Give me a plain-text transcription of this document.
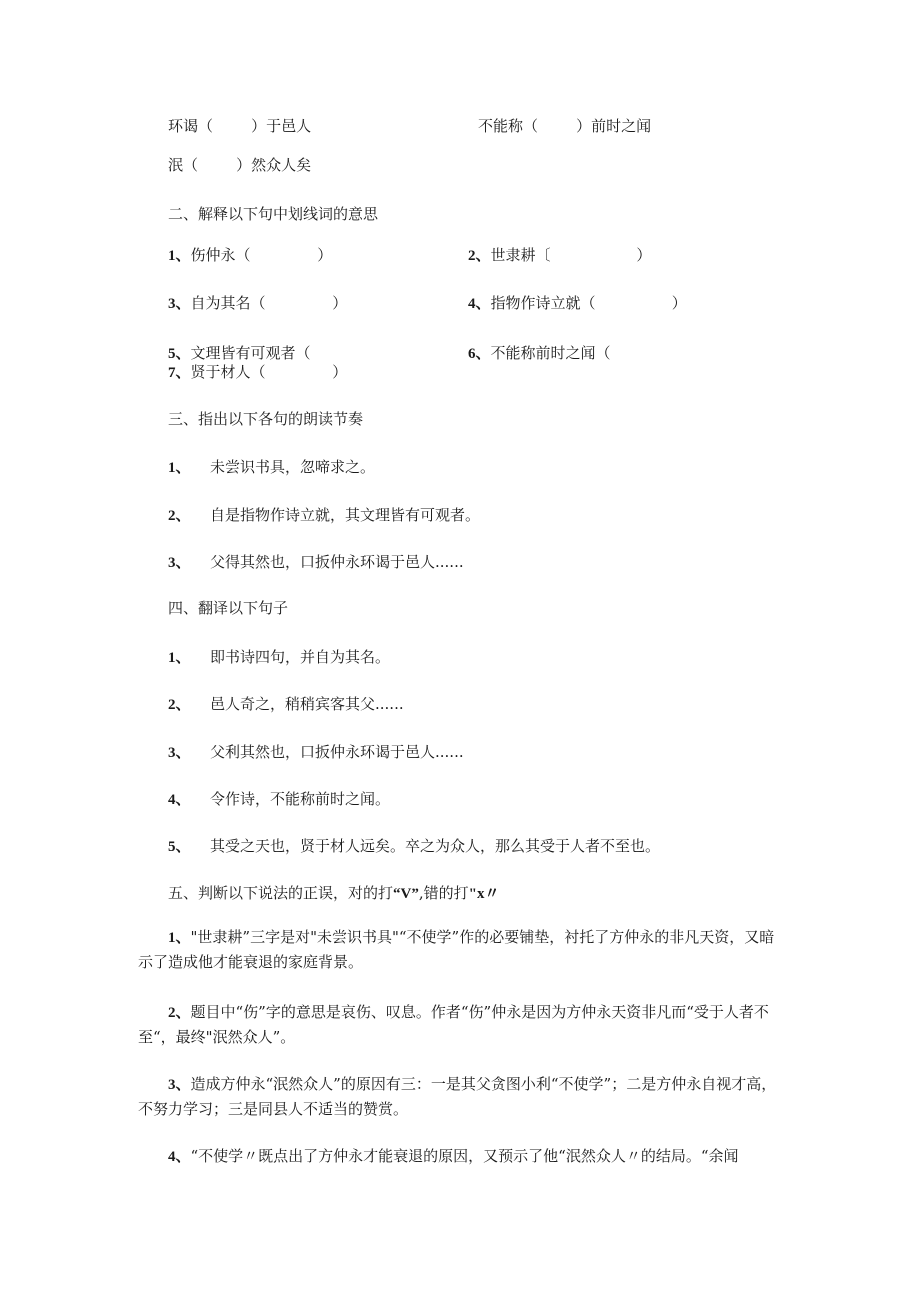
环谒（        ）于邑人	不能称（        ）前时之闻
泯（        ）然众人矣
二、解释以下句中划线词的意思
1、伤仲永（              ）	2、世隶耕〔                  ）
3、自为其名（              ）	4、指物作诗立就（                ）
5、文理皆有可观者（	6、不能称前时之闻（
7、贤于材人（              ）
三、指出以下各句的朗读节奏
1、 未尝识书具，忽啼求之。
2、 自是指物作诗立就，其文理皆有可观者。
3、 父得其然也，口扳仲永环谒于邑人......
四、翻译以下句子
1、 即书诗四句，并自为其名。
2、 邑人奇之，稍稍宾客其父......
3、 父利其然也，口扳仲永环谒于邑人......
4、 令作诗，不能称前时之闻。
5、 其受之天也，贤于材人远矣。卒之为众人，那么其受于人者不至也。
五、判断以下说法的正误，对的打“V”,错的打"x〃
1、"世隶耕”三字是对"未尝识书具"“不使学”作的必要铺垫，衬托了方仲永的非凡天资，又暗示了造成他才能衰退的家庭背景。
2、题目中“伤”字的意思是哀伤、叹息。作者“伤”仲永是因为方仲永天资非凡而“受于人者不至“，最终"泯然众人”。
3、造成方仲永“泯然众人”的原因有三：一是其父贪图小利“不使学”；二是方仲永自视才高，不努力学习；三是同县人不适当的赞赏。
4、“不使学〃既点出了方仲永才能衰退的原因，又预示了他“泯然众人〃的结局。“余闻
